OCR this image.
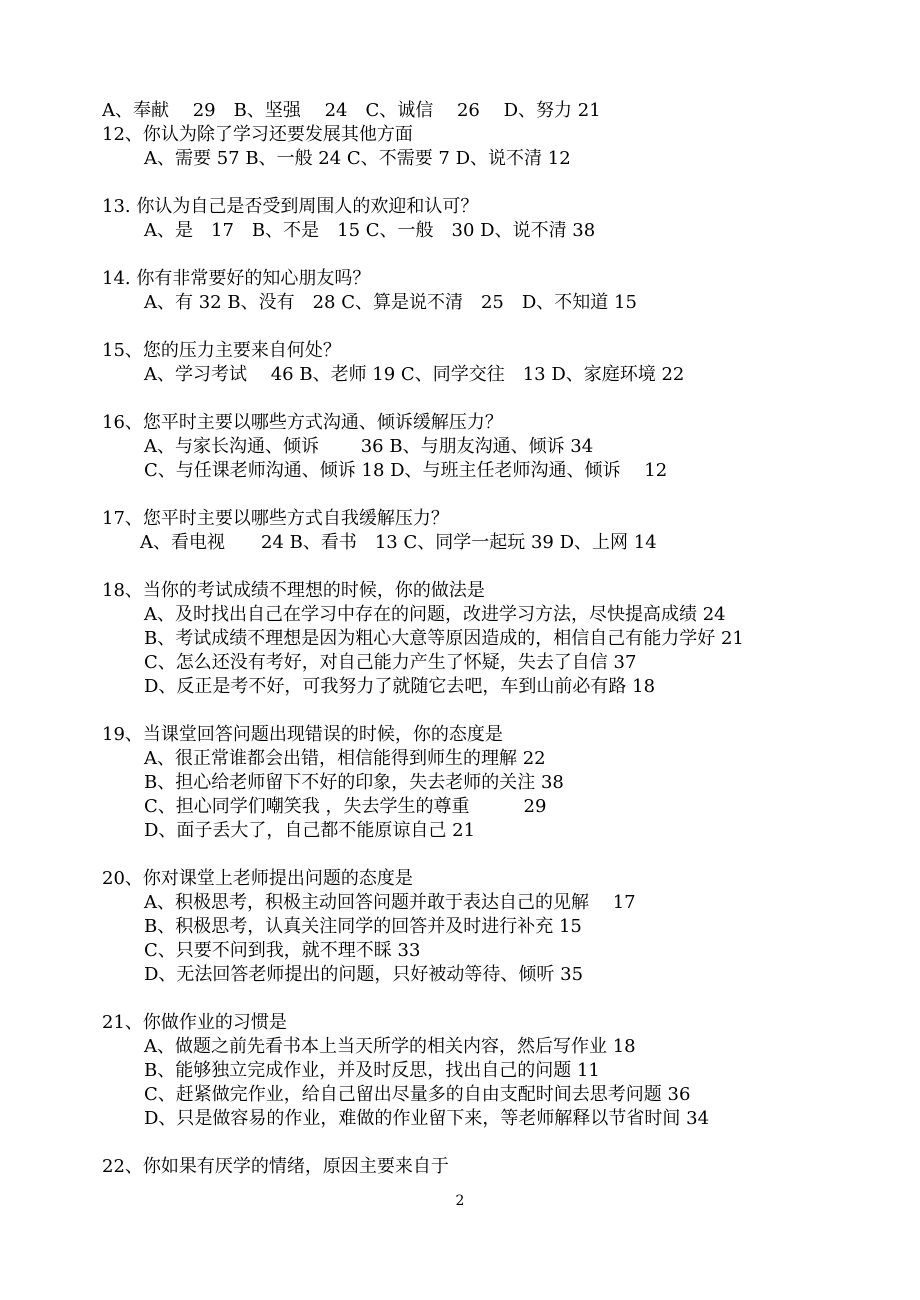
A、奉献 　29　B、坚强 　24　C、诚信 　26 　D、努力 21
12、你认为除了学习还要发展其他方面
A、需要 57 B、一般 24 C、不需要 7 D、说不清 12
13. 你认为自己是否受到周围人的欢迎和认可？
A、是　17　B、不是　15 C、一般　30 D、说不清 38
14. 你有非常要好的知心朋友吗？
A、有 32 B、没有　28 C、算是说不清　25　D、不知道 15
15、您的压力主要来自何处？
A、学习考试　 46 B、老师 19 C、同学交往　13 D、家庭环境 22
16、您平时主要以哪些方式沟通、倾诉缓解压力？
A、与家长沟通、倾诉　　 36 B、与朋友沟通、倾诉 34
C、与任课老师沟通、倾诉 18 D、与班主任老师沟通、倾诉　 12
17、您平时主要以哪些方式自我缓解压力？
A、看电视　　24 B、看书　13 C、同学一起玩 39 D、上网 14
18、当你的考试成绩不理想的时候，你的做法是
A、及时找出自己在学习中存在的问题，改进学习方法，尽快提高成绩 24
B、考试成绩不理想是因为粗心大意等原因造成的，相信自己有能力学好 21
C、怎么还没有考好，对自己能力产生了怀疑，失去了自信 37
D、反正是考不好，可我努力了就随它去吧，车到山前必有路 18
19、当课堂回答问题出现错误的时候，你的态度是
A、很正常谁都会出错，相信能得到师生的理解 22
B、担心给老师留下不好的印象，失去老师的关注 38
C、担心同学们嘲笑我 ，失去学生的尊重　　　29
D、面子丢大了，自己都不能原谅自己 21
20、你对课堂上老师提出问题的态度是
A、积极思考，积极主动回答问题并敢于表达自己的见解　 17
B、积极思考，认真关注同学的回答并及时进行补充 15
C、只要不问到我，就不理不睬 33
D、无法回答老师提出的问题，只好被动等待、倾听 35
21、你做作业的习惯是
A、做题之前先看书本上当天所学的相关内容，然后写作业 18
B、能够独立完成作业，并及时反思，找出自己的问题 11
C、赶紧做完作业，给自己留出尽量多的自由支配时间去思考问题 36
D、只是做容易的作业，难做的作业留下来，等老师解释以节省时间 34
22、你如果有厌学的情绪，原因主要来自于
2
